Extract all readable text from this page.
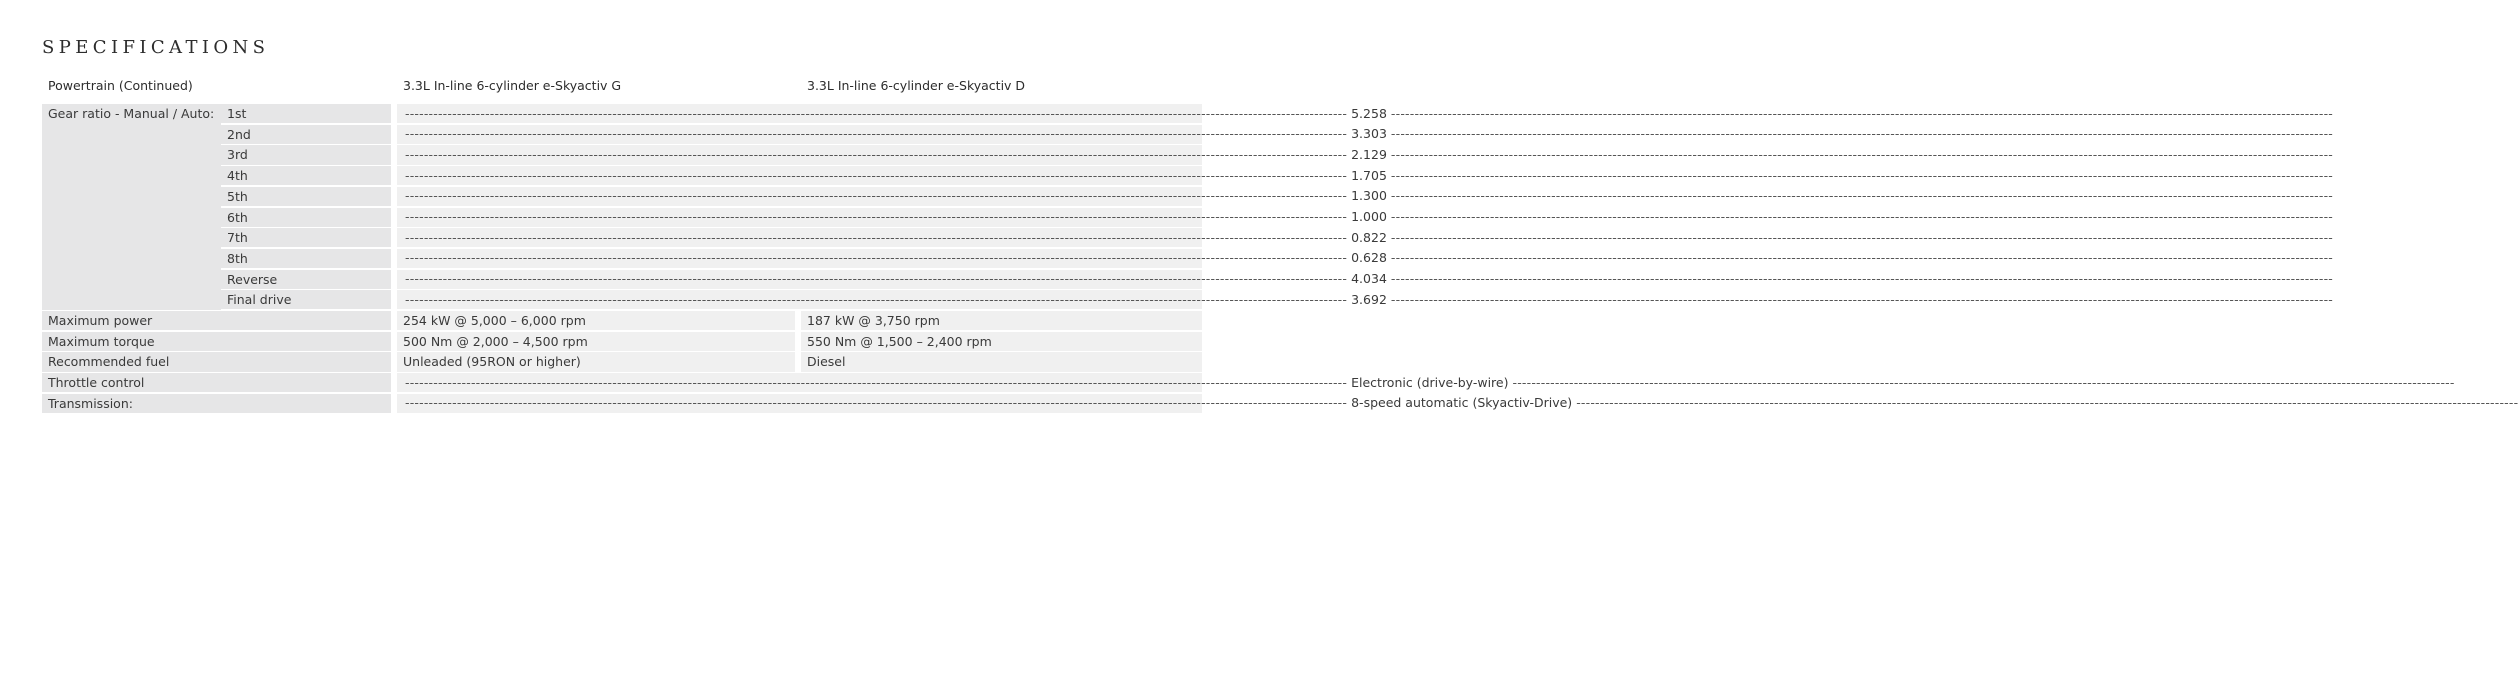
SPECIFICATIONS
Powertrain (Continued)	3.3L In-line 6-cylinder e-Skyactiv G	3.3L In-line 6-cylinder e-Skyactiv D
Gear ratio - Manual / Auto:	1st	-------------------------------------------------------------------------------------------------------------------------------------------------------------------------------------------------------- 5.258 --------------------------------------------------------------------------------------------------------------------------------------------------------------------------------------------------------
2nd	-------------------------------------------------------------------------------------------------------------------------------------------------------------------------------------------------------- 3.303 --------------------------------------------------------------------------------------------------------------------------------------------------------------------------------------------------------
3rd	-------------------------------------------------------------------------------------------------------------------------------------------------------------------------------------------------------- 2.129 --------------------------------------------------------------------------------------------------------------------------------------------------------------------------------------------------------
4th	-------------------------------------------------------------------------------------------------------------------------------------------------------------------------------------------------------- 1.705 --------------------------------------------------------------------------------------------------------------------------------------------------------------------------------------------------------
5th	-------------------------------------------------------------------------------------------------------------------------------------------------------------------------------------------------------- 1.300 --------------------------------------------------------------------------------------------------------------------------------------------------------------------------------------------------------
6th	-------------------------------------------------------------------------------------------------------------------------------------------------------------------------------------------------------- 1.000 --------------------------------------------------------------------------------------------------------------------------------------------------------------------------------------------------------
7th	-------------------------------------------------------------------------------------------------------------------------------------------------------------------------------------------------------- 0.822 --------------------------------------------------------------------------------------------------------------------------------------------------------------------------------------------------------
8th	-------------------------------------------------------------------------------------------------------------------------------------------------------------------------------------------------------- 0.628 --------------------------------------------------------------------------------------------------------------------------------------------------------------------------------------------------------
Reverse	-------------------------------------------------------------------------------------------------------------------------------------------------------------------------------------------------------- 4.034 --------------------------------------------------------------------------------------------------------------------------------------------------------------------------------------------------------
Final drive	-------------------------------------------------------------------------------------------------------------------------------------------------------------------------------------------------------- 3.692 --------------------------------------------------------------------------------------------------------------------------------------------------------------------------------------------------------
Maximum power	254 kW @ 5,000 – 6,000 rpm	187 kW @ 3,750 rpm
Maximum torque	500 Nm @ 2,000 – 4,500 rpm	550 Nm @ 1,500 – 2,400 rpm
Recommended fuel	Unleaded (95RON or higher)	Diesel
Throttle control	-------------------------------------------------------------------------------------------------------------------------------------------------------------------------------------------------------- Electronic (drive-by-wire) --------------------------------------------------------------------------------------------------------------------------------------------------------------------------------------------------------
Transmission:	-------------------------------------------------------------------------------------------------------------------------------------------------------------------------------------------------------- 8-speed automatic (Skyactiv-Drive) --------------------------------------------------------------------------------------------------------------------------------------------------------------------------------------------------------
